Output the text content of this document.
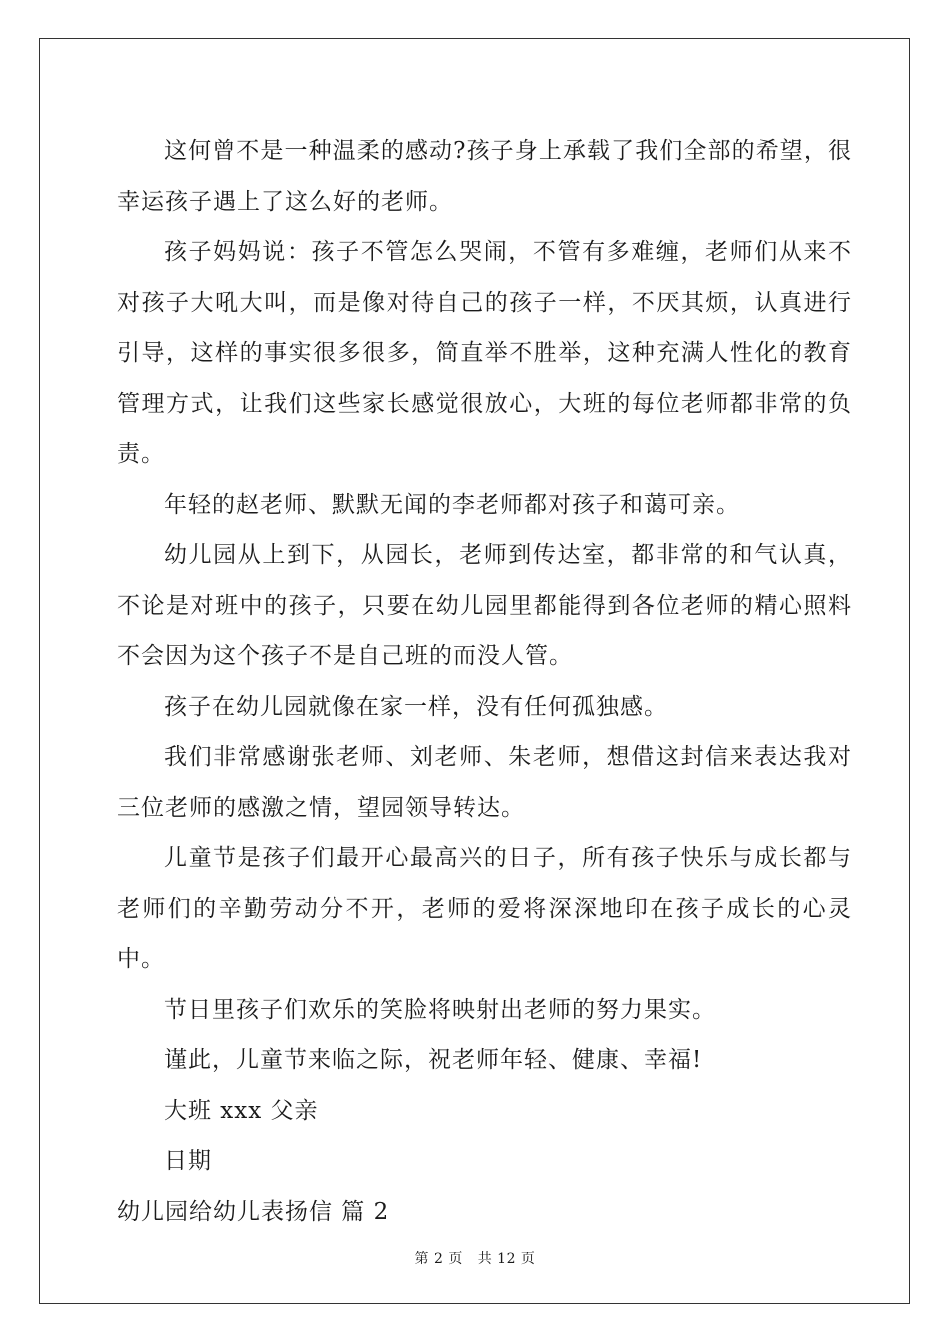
这何曾不是一种温柔的感动?孩子身上承载了我们全部的希望，很幸运孩子遇上了这么好的老师。

孩子妈妈说：孩子不管怎么哭闹，不管有多难缠，老师们从来不对孩子大吼大叫，而是像对待自己的孩子一样，不厌其烦，认真进行引导，这样的事实很多很多，简直举不胜举，这种充满人性化的教育管理方式，让我们这些家长感觉很放心，大班的每位老师都非常的负责。

年轻的赵老师、默默无闻的李老师都对孩子和蔼可亲。

幼儿园从上到下，从园长，老师到传达室，都非常的和气认真，不论是对班中的孩子，只要在幼儿园里都能得到各位老师的精心照料不会因为这个孩子不是自己班的而没人管。

孩子在幼儿园就像在家一样，没有任何孤独感。

我们非常感谢张老师、刘老师、朱老师，想借这封信来表达我对三位老师的感激之情，望园领导转达。

儿童节是孩子们最开心最高兴的日子，所有孩子快乐与成长都与老师们的辛勤劳动分不开，老师的爱将深深地印在孩子成长的心灵中。

节日里孩子们欢乐的笑脸将映射出老师的努力果实。

谨此，儿童节来临之际，祝老师年轻、健康、幸福!

大班 xxx 父亲

日期

幼儿园给幼儿表扬信 篇 2

第 2 页 共 12 页
